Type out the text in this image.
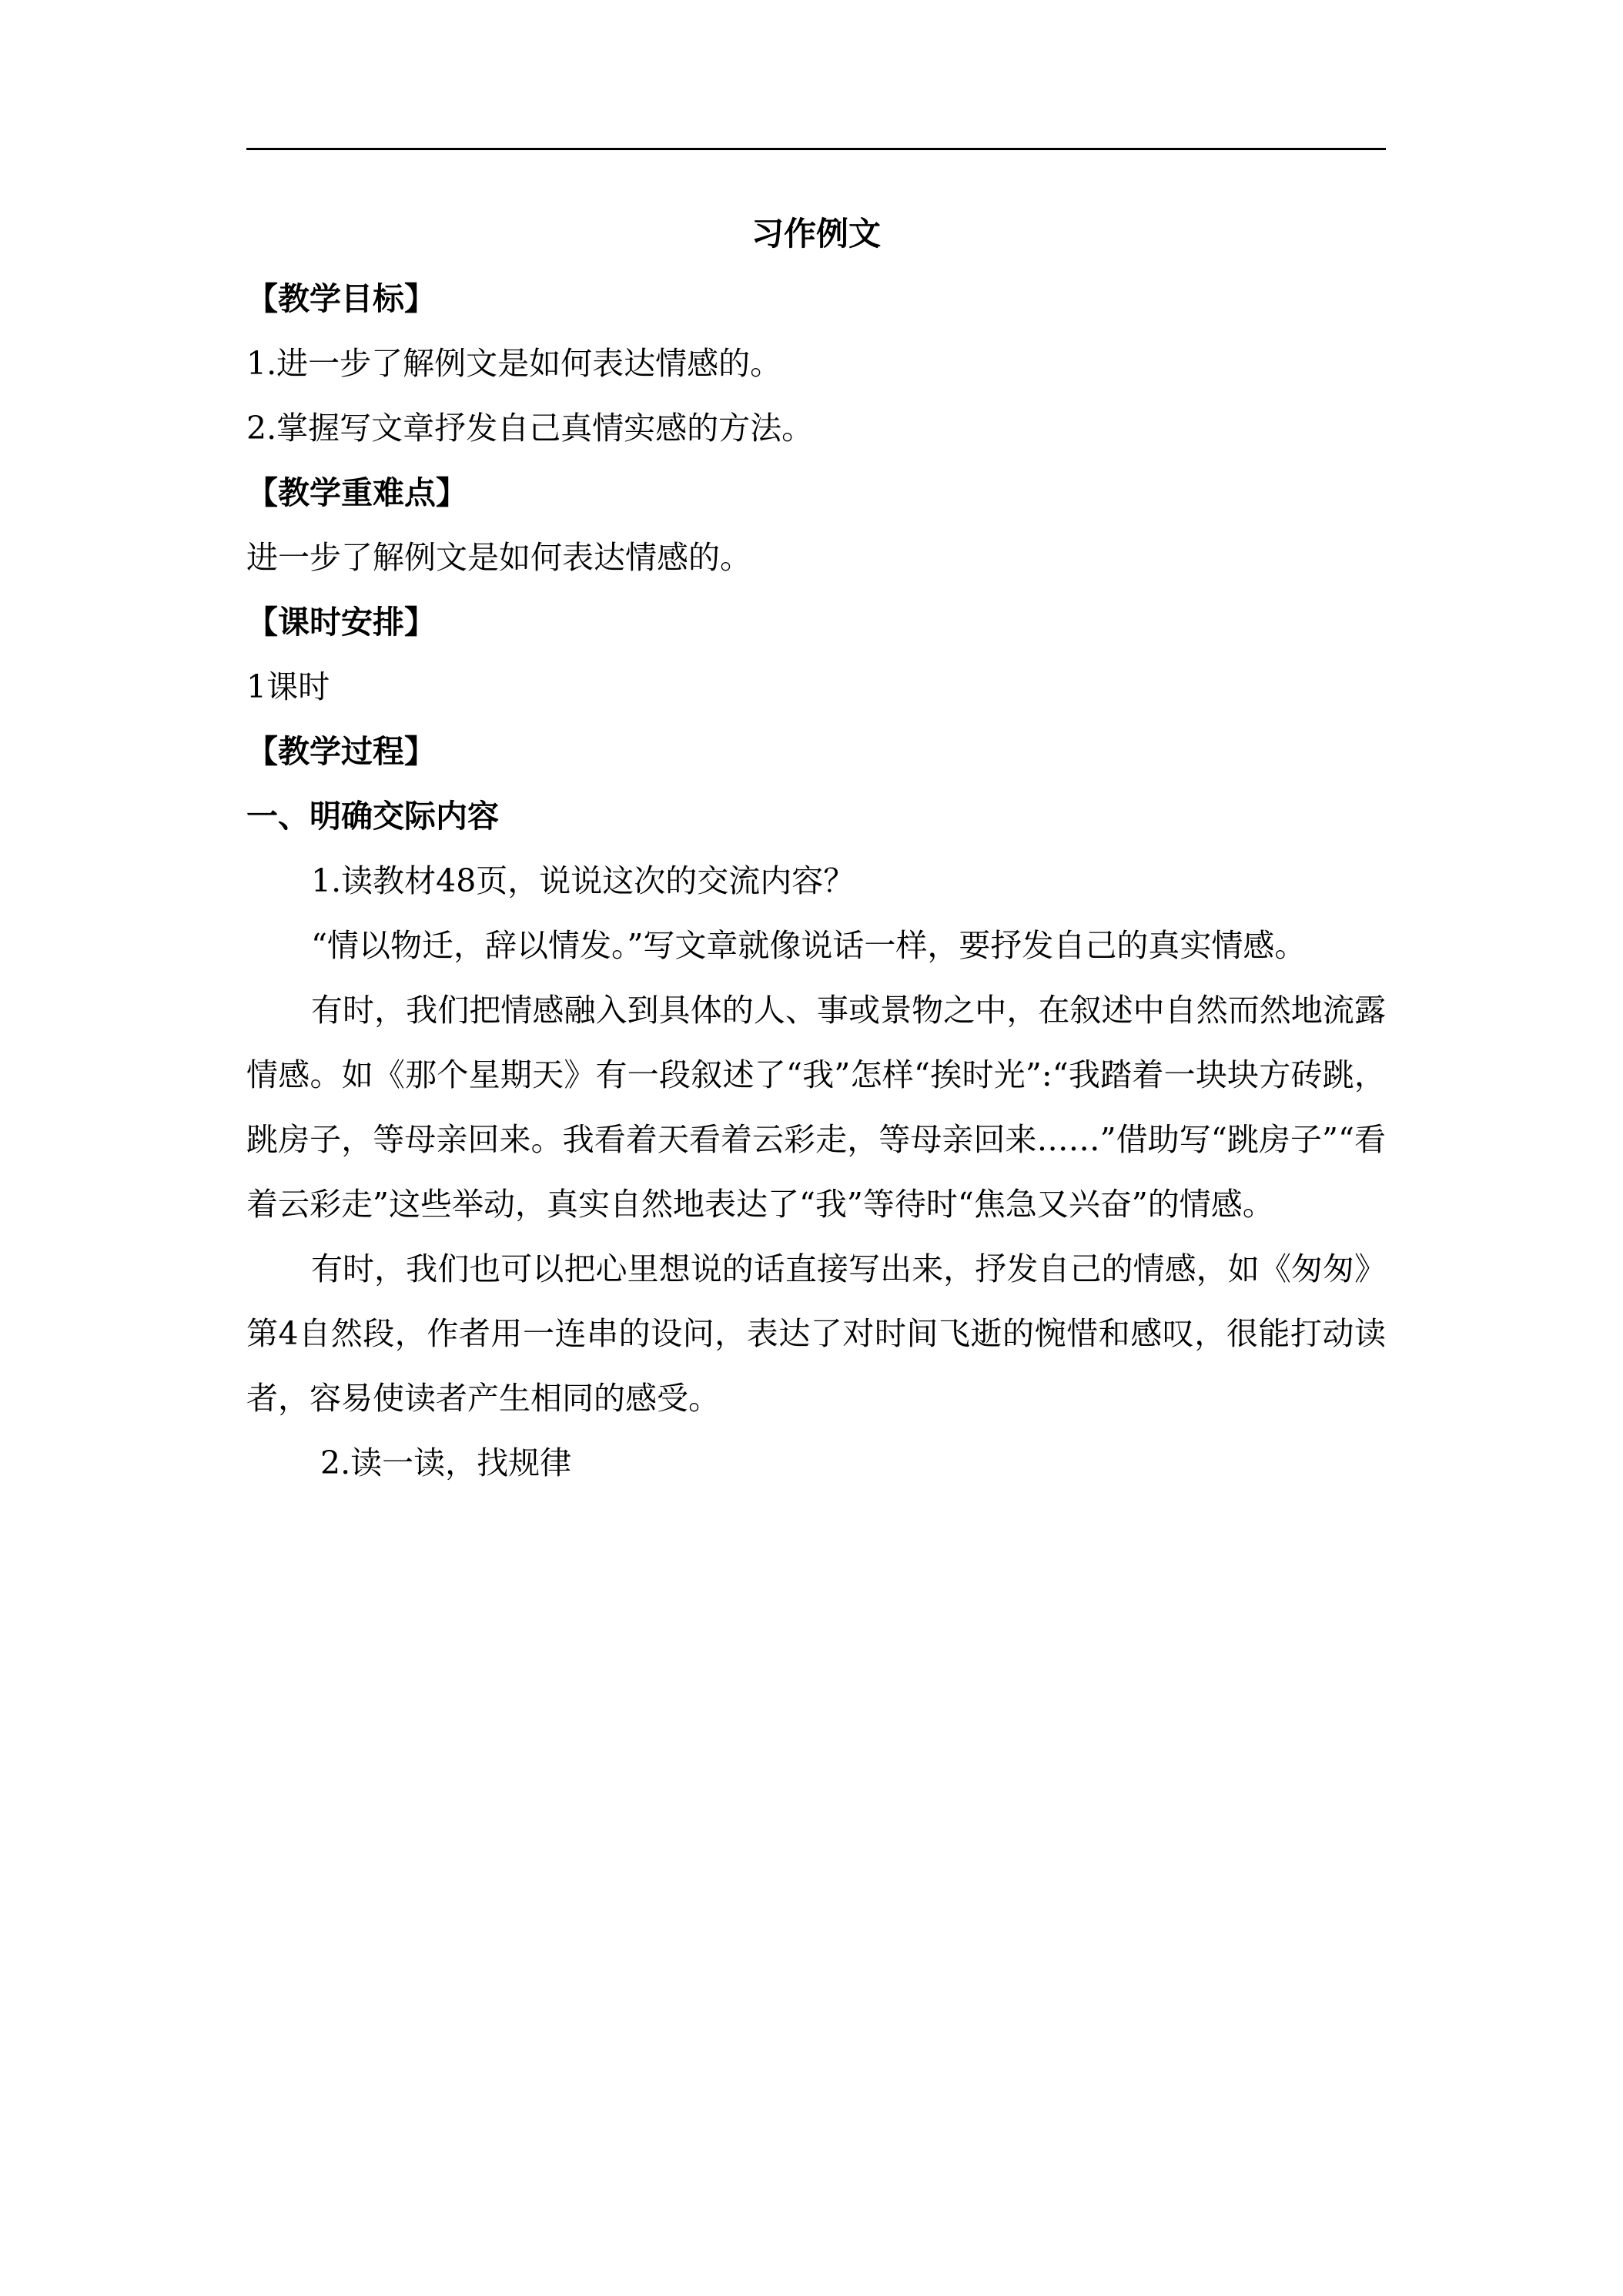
习作例文

【教学目标】

1.进一步了解例文是如何表达情感的。

2.掌握写文章抒发自己真情实感的方法。

【教学重难点】

进一步了解例文是如何表达情感的。

【课时安排】

1课时

【教学过程】

一、明确交际内容

1.读教材48页，说说这次的交流内容？

“情以物迁，辞以情发。”写文章就像说话一样，要抒发自己的真实情感。

有时，我们把情感融入到具体的人、事或景物之中，在叙述中自然而然地流露情感。如《那个星期天》有一段叙述了“我”怎样“挨时光”:“我踏着一块块方砖跳，跳房子，等母亲回来。我看着天看着云彩走，等母亲回来……”借助写“跳房子”“看着云彩走”这些举动，真实自然地表达了“我”等待时“焦急又兴奋”的情感。

有时，我们也可以把心里想说的话直接写出来，抒发自己的情感，如《匆匆》第4自然段，作者用一连串的设问，表达了对时间飞逝的惋惜和感叹，很能打动读者，容易使读者产生相同的感受。

2.读一读，找规律
